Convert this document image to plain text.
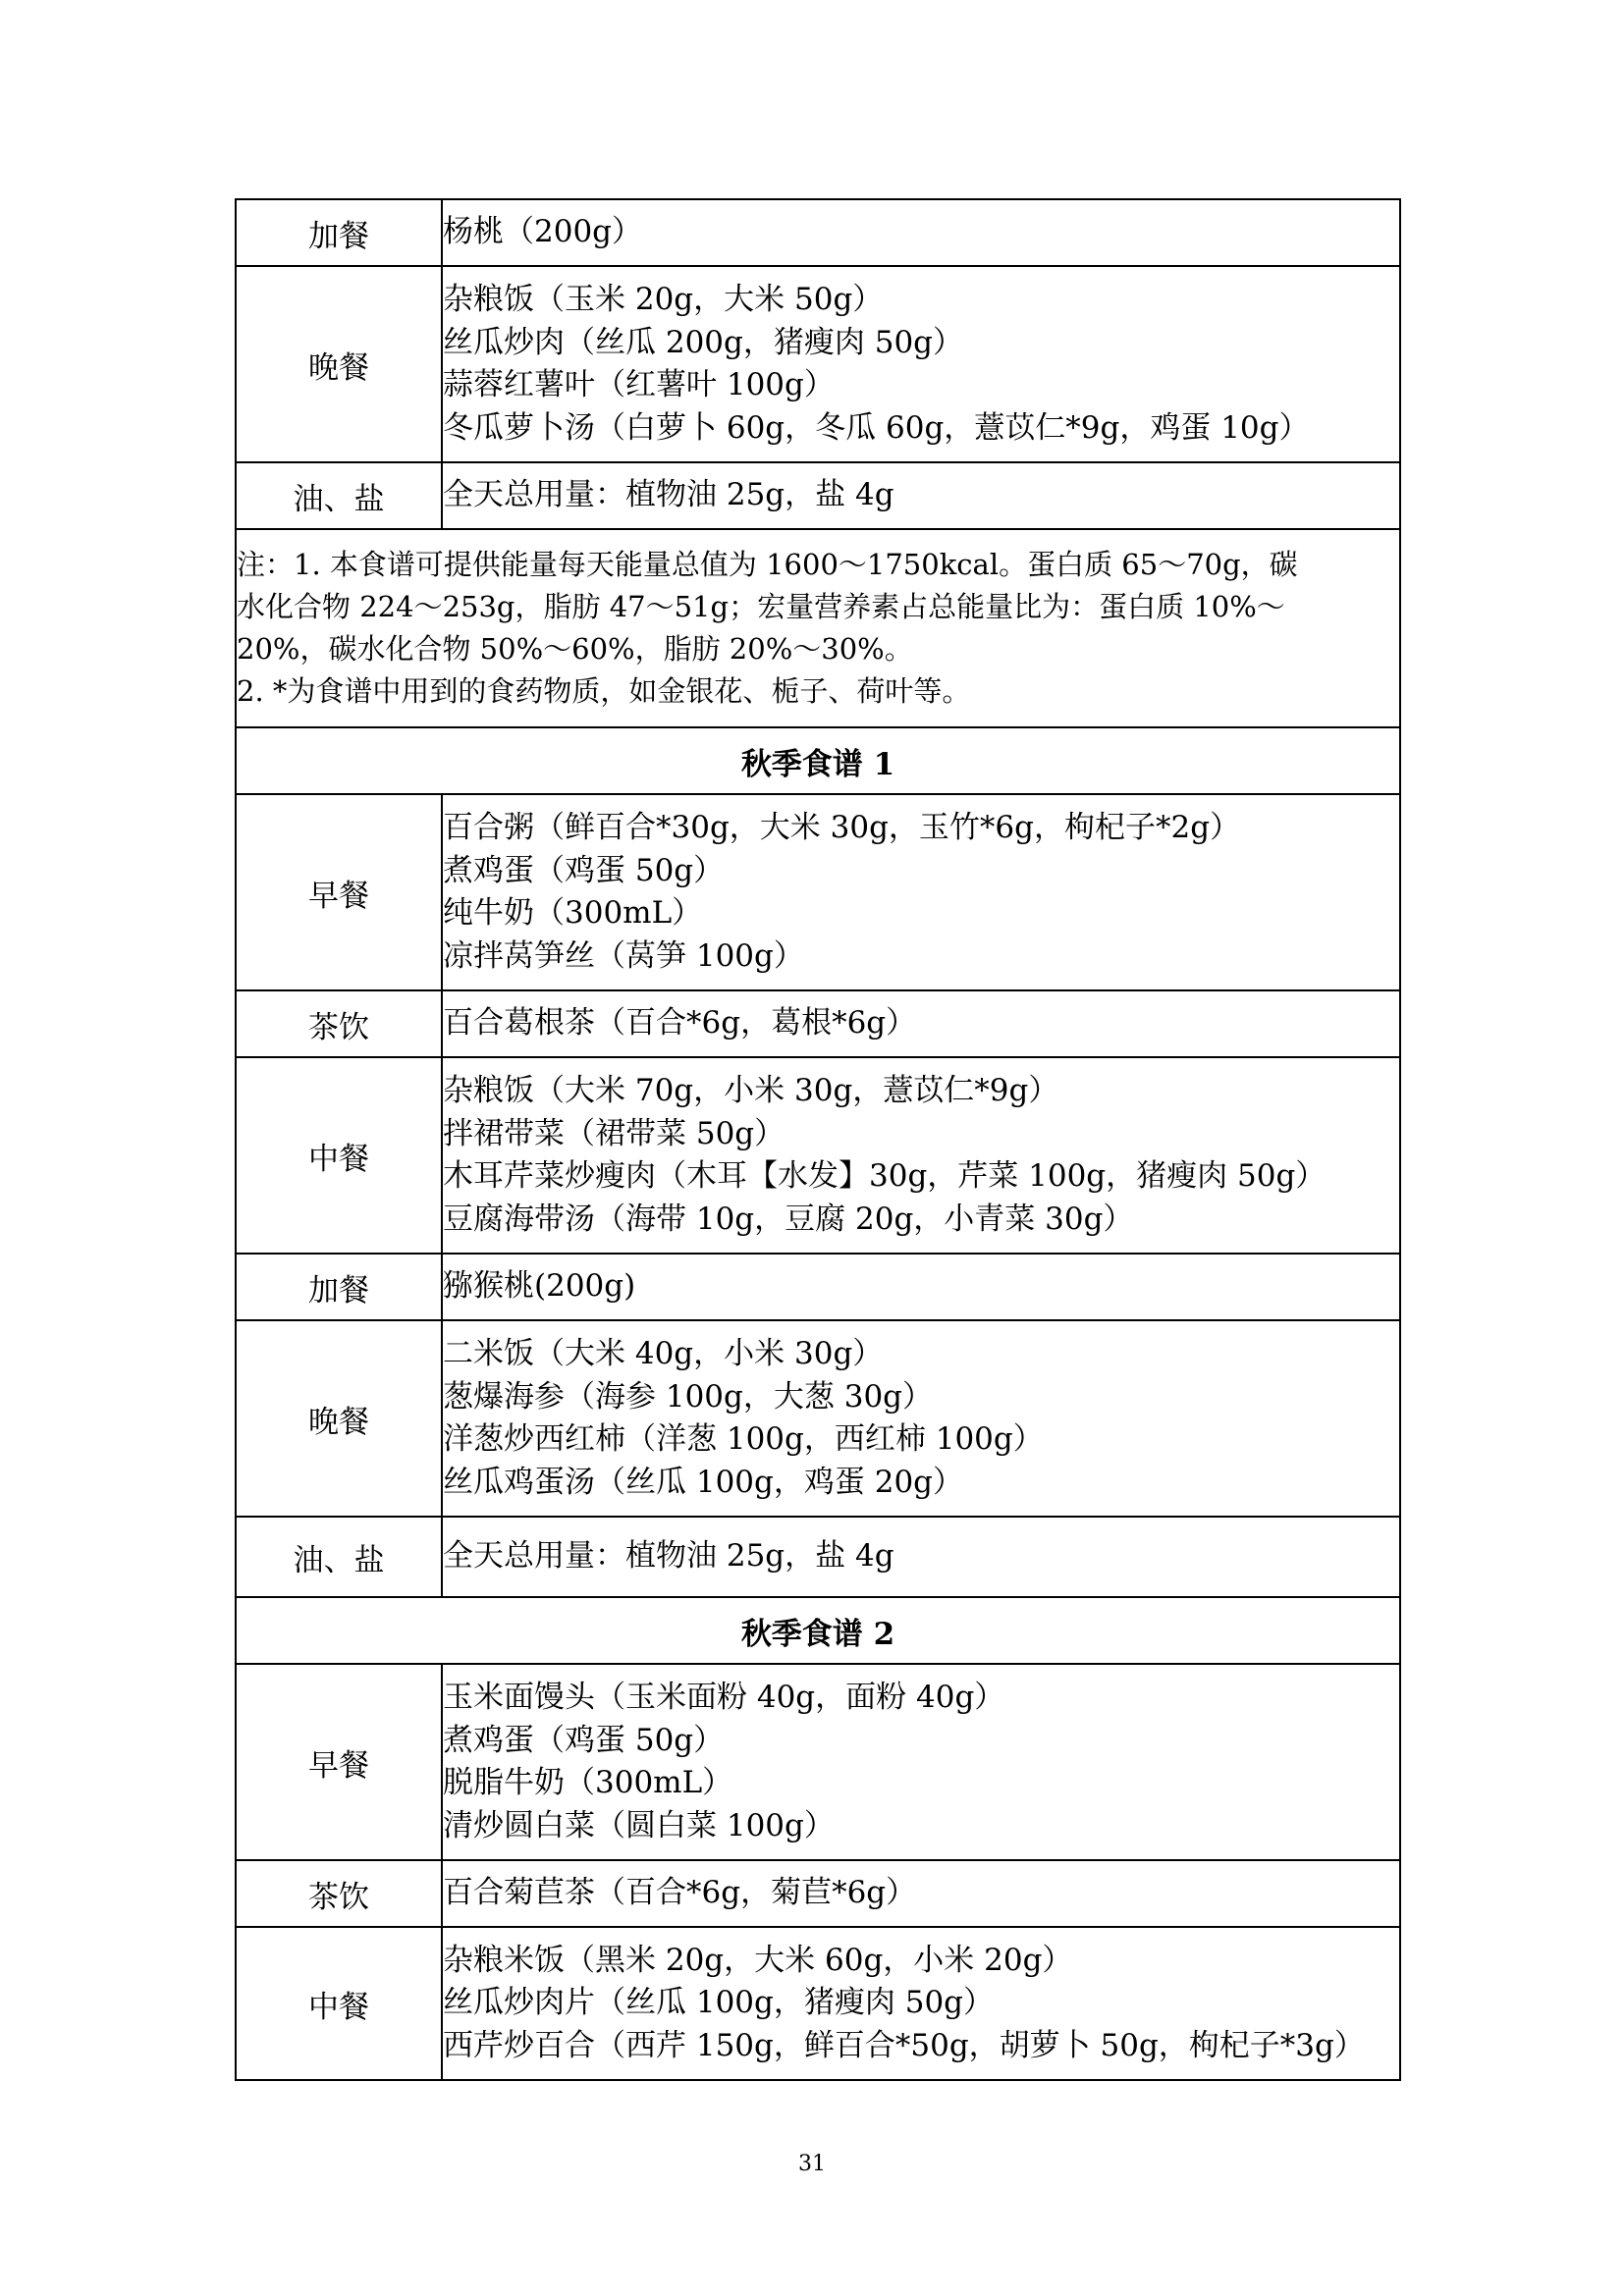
加餐	杨桃（200g）

晚餐	杂粮饭（玉米 20g，大米 50g）
丝瓜炒肉（丝瓜 200g，猪瘦肉 50g）
蒜蓉红薯叶（红薯叶 100g）
冬瓜萝卜汤（白萝卜 60g，冬瓜 60g，薏苡仁*9g，鸡蛋 10g）

油、盐	全天总用量：植物油 25g，盐 4g

注：1. 本食谱可提供能量每天能量总值为 1600～1750kcal。蛋白质 65～70g，碳
水化合物 224～253g，脂肪 47～51g；宏量营养素占总能量比为：蛋白质 10%～
20%，碳水化合物 50%～60%，脂肪 20%～30%。
2. *为食谱中用到的食药物质，如金银花、栀子、荷叶等。	

秋季食谱 1	
早餐	百合粥（鲜百合*30g，大米 30g，玉竹*6g，枸杞子*2g）
煮鸡蛋（鸡蛋 50g）
纯牛奶（300mL）
凉拌莴笋丝（莴笋 100g）

茶饮	百合葛根茶（百合*6g，葛根*6g）

中餐	杂粮饭（大米 70g，小米 30g，薏苡仁*9g）
拌裙带菜（裙带菜 50g）
木耳芹菜炒瘦肉（木耳【水发】30g，芹菜 100g，猪瘦肉 50g）
豆腐海带汤（海带 10g，豆腐 20g，小青菜 30g）

加餐	猕猴桃(200g)

晚餐	二米饭（大米 40g，小米 30g）
葱爆海参（海参 100g，大葱 30g）
洋葱炒西红柿（洋葱 100g，西红柿 100g）
丝瓜鸡蛋汤（丝瓜 100g，鸡蛋 20g）

油、盐	全天总用量：植物油 25g，盐 4g

秋季食谱 2	
早餐	玉米面馒头（玉米面粉 40g，面粉 40g）
煮鸡蛋（鸡蛋 50g）
脱脂牛奶（300mL）
清炒圆白菜（圆白菜 100g）

茶饮	百合菊苣茶（百合*6g，菊苣*6g）

中餐	杂粮米饭（黑米 20g，大米 60g，小米 20g）
丝瓜炒肉片（丝瓜 100g，猪瘦肉 50g）
西芹炒百合（西芹 150g，鲜百合*50g，胡萝卜 50g，枸杞子*3g）
31
